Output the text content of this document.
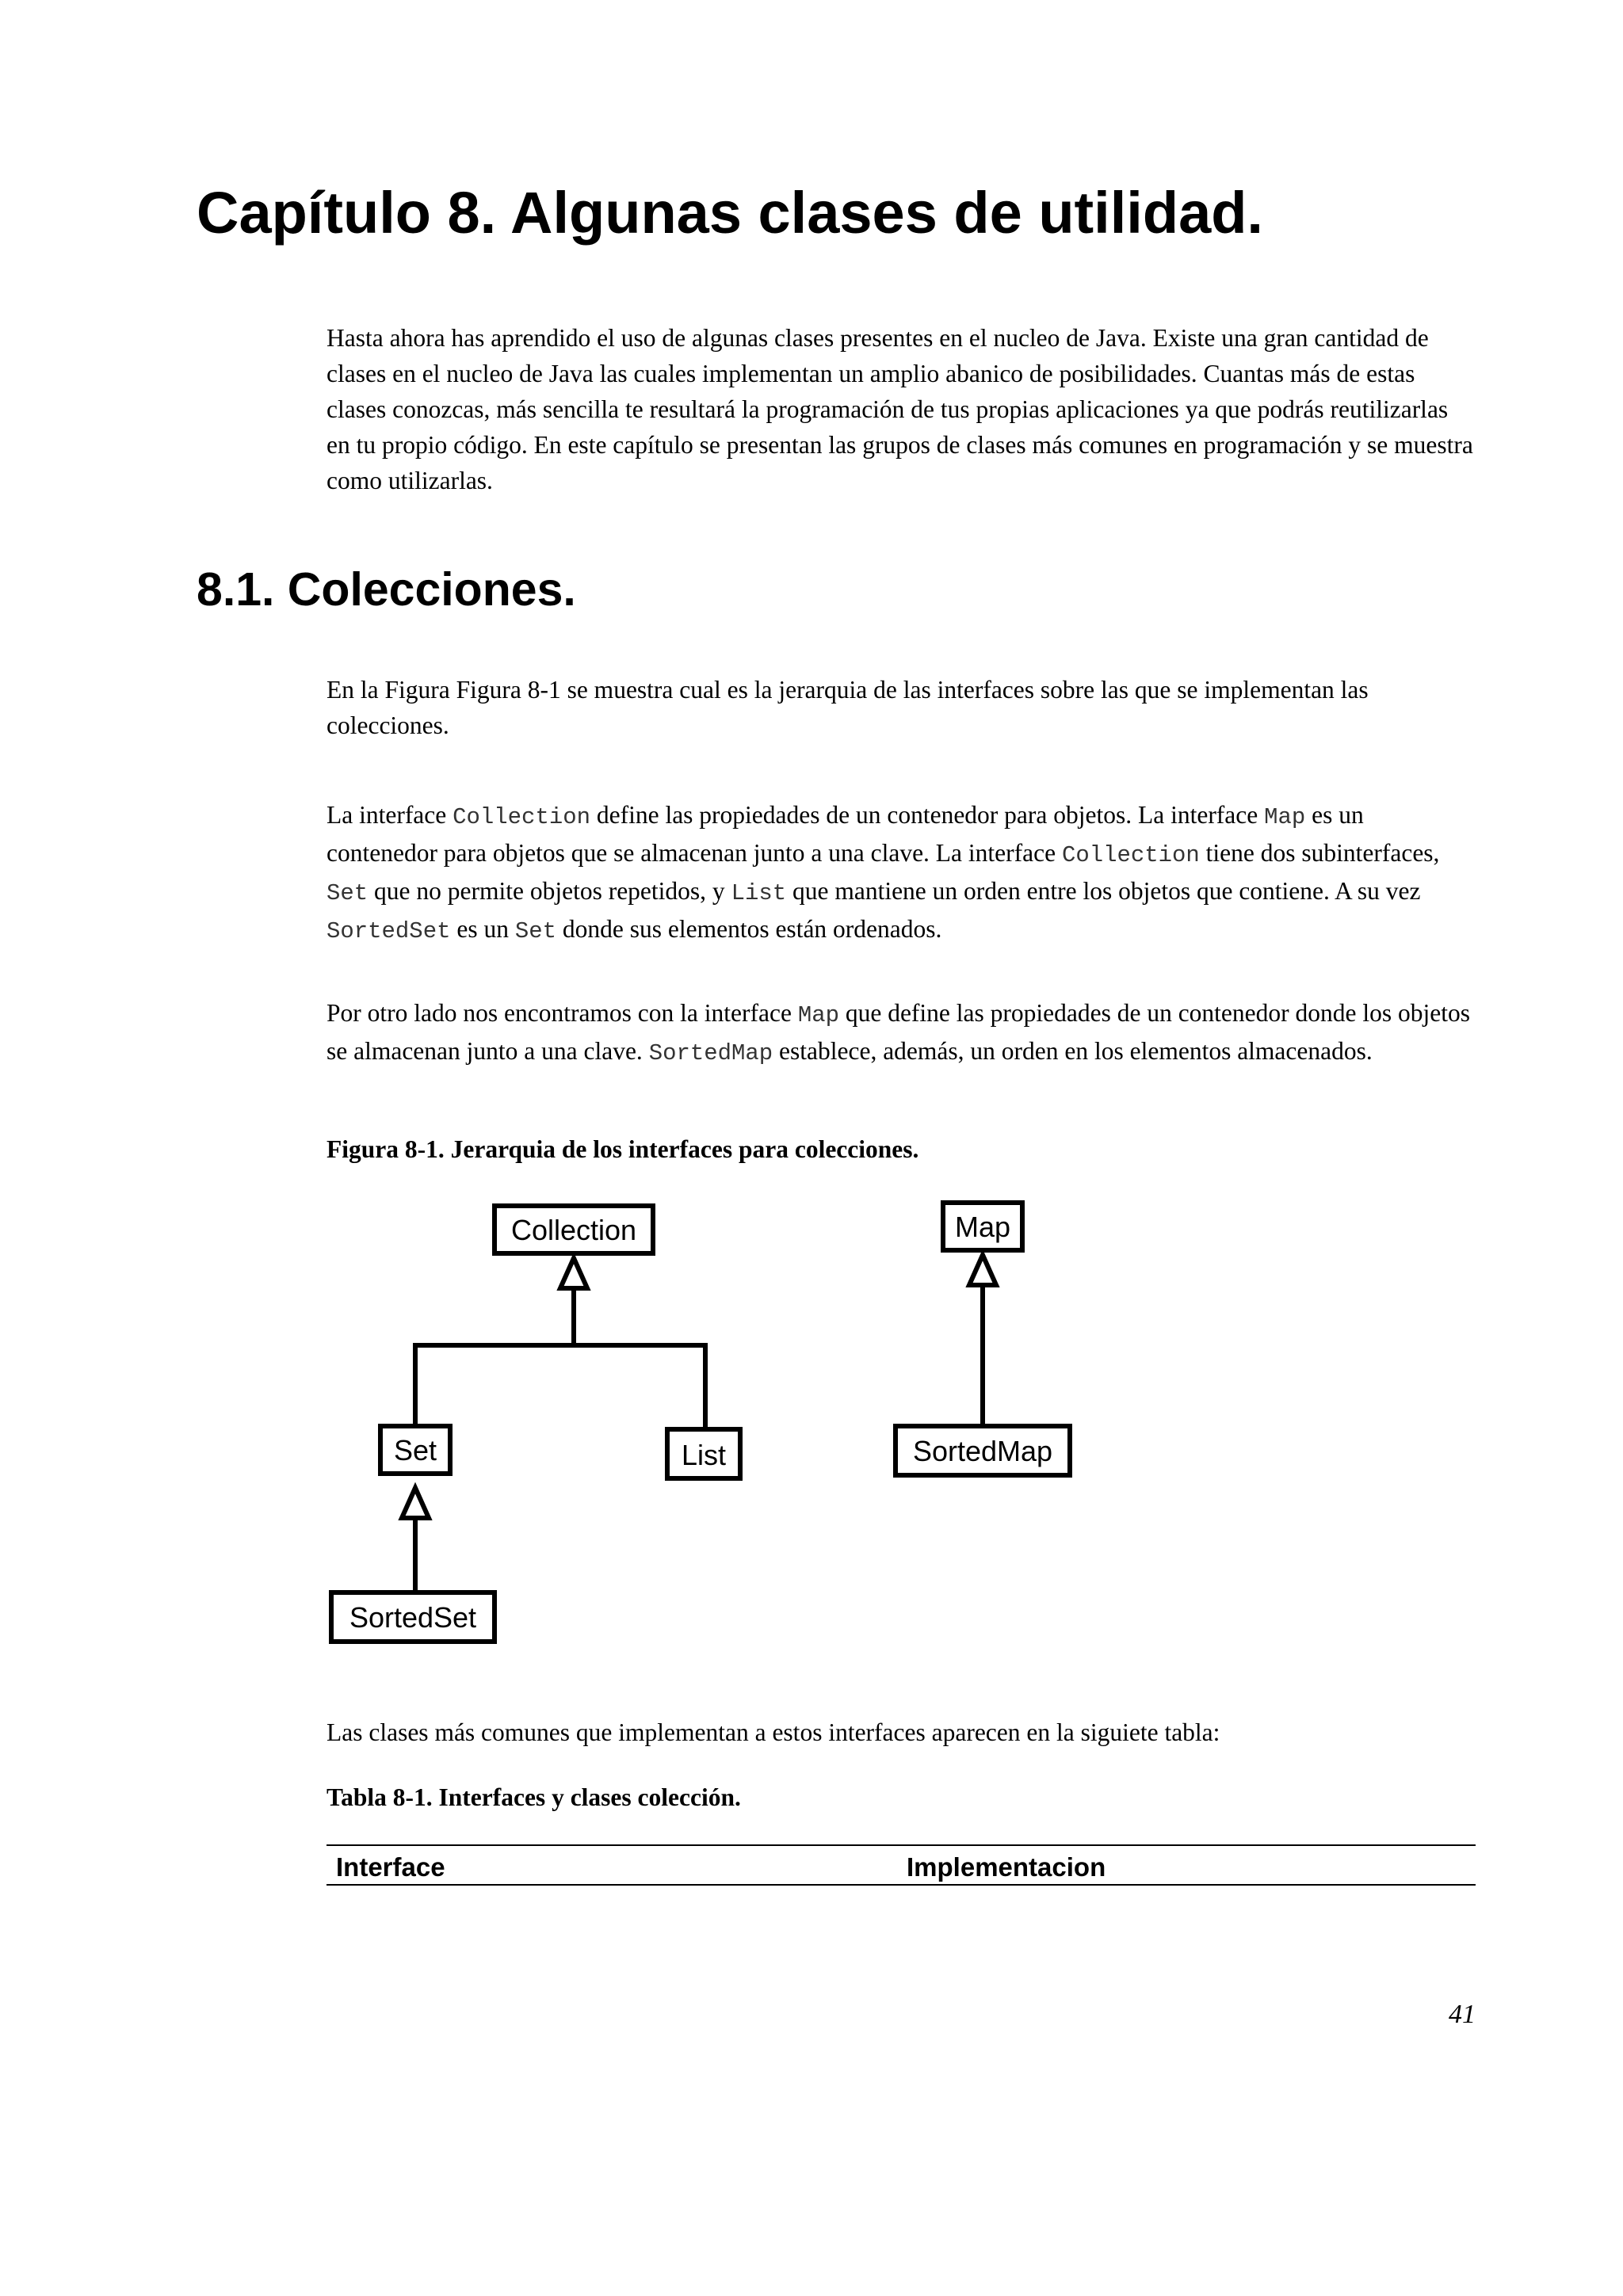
Capítulo 8. Algunas clases de utilidad.

Hasta ahora has aprendido el uso de algunas clases presentes en el nucleo de Java. Existe una gran cantidad de clases en el nucleo de Java las cuales implementan un amplio abanico de posibilidades. Cuantas más de estas clases conozcas, más sencilla te resultará la programación de tus propias aplicaciones ya que podrás reutilizarlas en tu propio código. En este capítulo se presentan las grupos de clases más comunes en programación y se muestra como utilizarlas.

8.1. Colecciones.

En la Figura Figura 8-1 se muestra cual es la jerarquia de las interfaces sobre las que se implementan las colecciones.

La interface Collection define las propiedades de un contenedor para objetos. La interface Map es un contenedor para objetos que se almacenan junto a una clave. La interface Collection tiene dos subinterfaces, Set que no permite objetos repetidos, y List que mantiene un orden entre los objetos que contiene. A su vez SortedSet es un Set donde sus elementos están ordenados.

Por otro lado nos encontramos con la interface Map que define las propiedades de un contenedor donde los objetos se almacenan junto a una clave. SortedMap establece, además, un orden en los elementos almacenados.

Figura 8-1. Jerarquia de los interfaces para colecciones.

Collection	Map
Set	List	SortedMap
SortedSet

Las clases más comunes que implementan a estos interfaces aparecen en la siguiete tabla:

Tabla 8-1. Interfaces y clases colección.

Interface	Implementacion
41
